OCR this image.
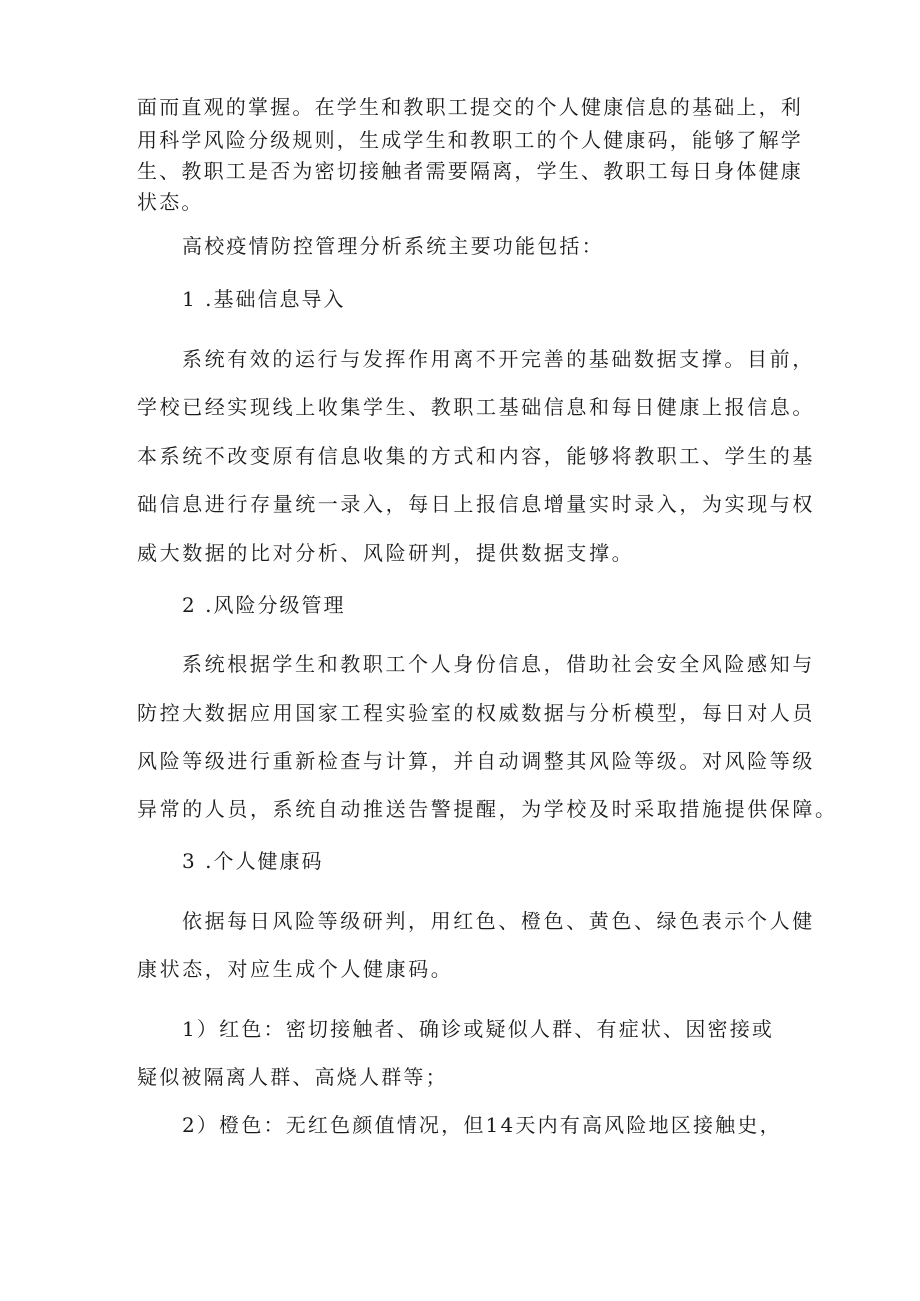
面而直观的掌握。在学生和教职工提交的个人健康信息的基础上，利
用科学风险分级规则，生成学生和教职工的个人健康码，能够了解学
生、教职工是否为密切接触者需要隔离，学生、教职工每日身体健康
状态。
高校疫情防控管理分析系统主要功能包括：
1 .基础信息导入
系统有效的运行与发挥作用离不开完善的基础数据支撑。目前，
学校已经实现线上收集学生、教职工基础信息和每日健康上报信息。
本系统不改变原有信息收集的方式和内容，能够将教职工、学生的基
础信息进行存量统一录入，每日上报信息增量实时录入，为实现与权
威大数据的比对分析、风险研判，提供数据支撑。
2 .风险分级管理
系统根据学生和教职工个人身份信息，借助社会安全风险感知与
防控大数据应用国家工程实验室的权威数据与分析模型，每日对人员
风险等级进行重新检查与计算，并自动调整其风险等级。对风险等级
异常的人员，系统自动推送告警提醒，为学校及时采取措施提供保障。
3 .个人健康码
依据每日风险等级研判，用红色、橙色、黄色、绿色表示个人健
康状态，对应生成个人健康码。
1）红色：密切接触者、确诊或疑似人群、有症状、因密接或
疑似被隔离人群、高烧人群等；
2）橙色：无红色颜值情况，但14天内有高风险地区接触史，
